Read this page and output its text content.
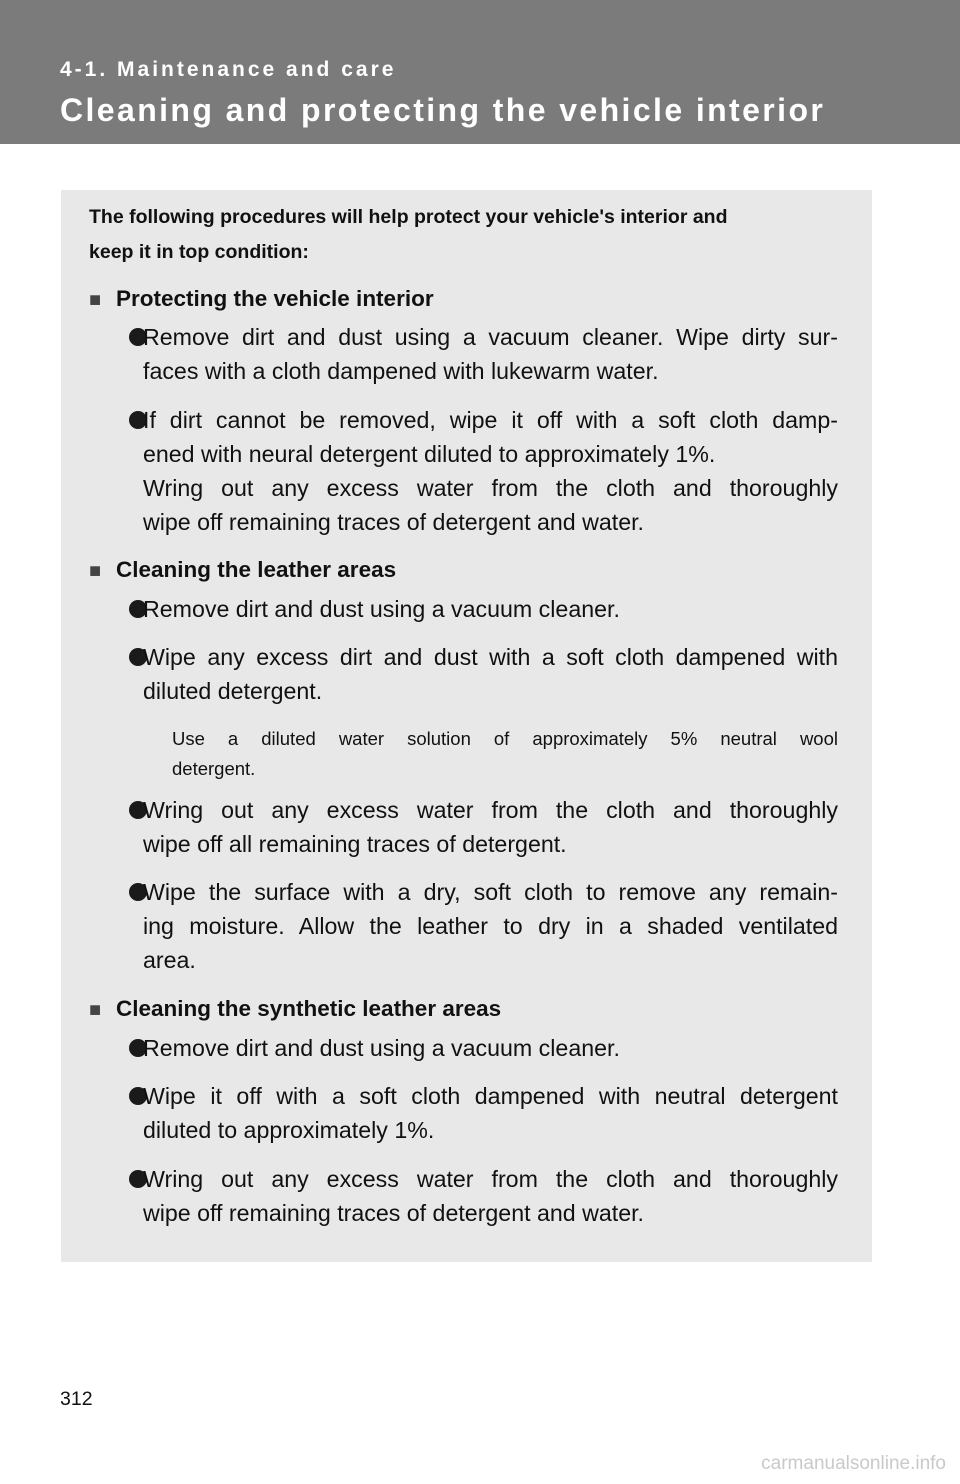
4-1. Maintenance and care
Cleaning and protecting the vehicle interior
The following procedures will help protect your vehicle's interior and
keep it in top condition:
■ Protecting the vehicle interior
Remove dirt and dust using a vacuum cleaner. Wipe dirty sur-
faces with a cloth dampened with lukewarm water.
If dirt cannot be removed, wipe it off with a soft cloth damp-
ened with neural detergent diluted to approximately 1%.
Wring out any excess water from the cloth and thoroughly
wipe off remaining traces of detergent and water.
■ Cleaning the leather areas
Remove dirt and dust using a vacuum cleaner.
Wipe any excess dirt and dust with a soft cloth dampened with
diluted detergent.
Use a diluted water solution of approximately 5% neutral wool
detergent.
Wring out any excess water from the cloth and thoroughly
wipe off all remaining traces of detergent.
Wipe the surface with a dry, soft cloth to remove any remain-
ing moisture. Allow the leather to dry in a shaded ventilated
area.
■ Cleaning the synthetic leather areas
Remove dirt and dust using a vacuum cleaner.
Wipe it off with a soft cloth dampened with neutral detergent
diluted to approximately 1%.
Wring out any excess water from the cloth and thoroughly
wipe off remaining traces of detergent and water.
312
carmanualsonline.info
